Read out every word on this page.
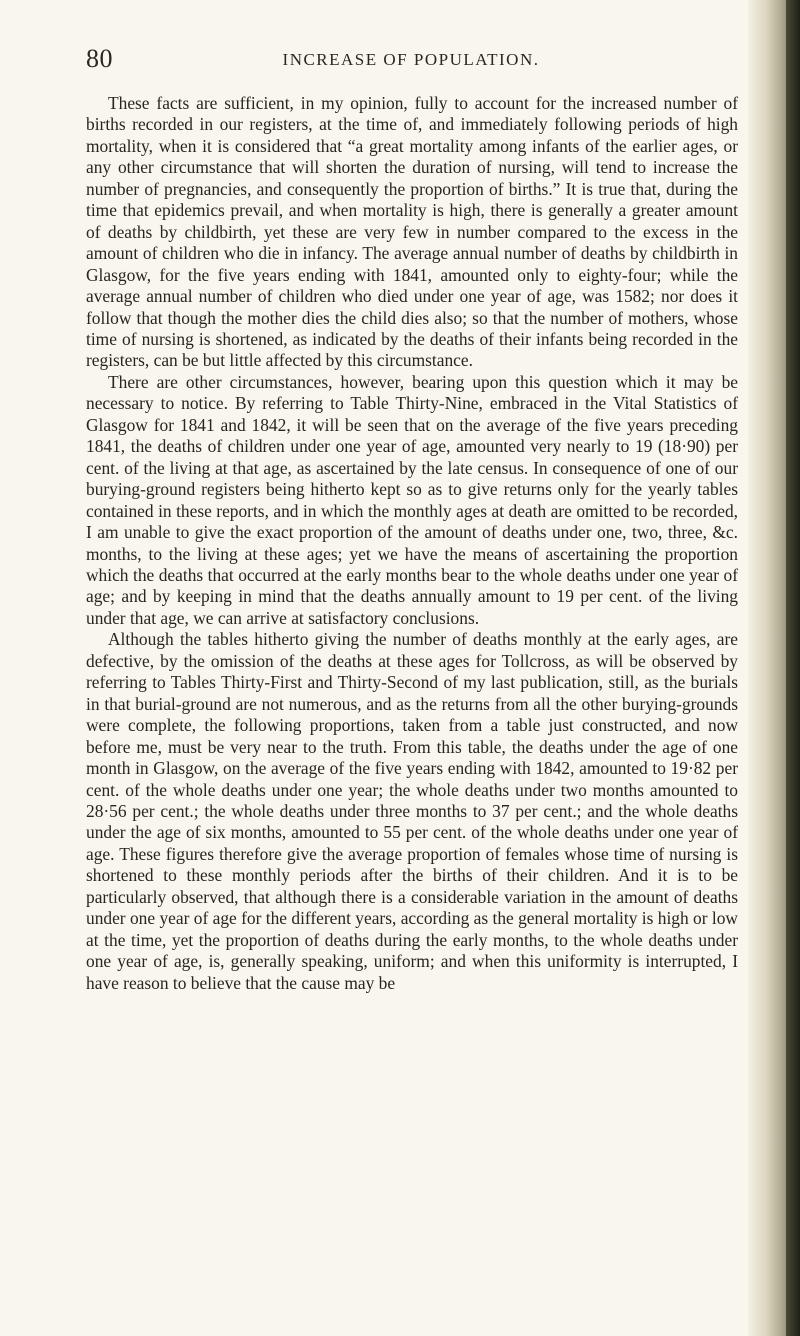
80	INCREASE OF POPULATION.

These facts are sufficient, in my opinion, fully to account for the increased number of births recorded in our registers, at the time of, and immediately following periods of high mortality, when it is considered that “a great mortality among infants of the earlier ages, or any other circumstance that will shorten the duration of nursing, will tend to increase the number of pregnancies, and consequently the proportion of births.” It is true that, during the time that epidemics prevail, and when mortality is high, there is generally a greater amount of deaths by childbirth, yet these are very few in number compared to the excess in the amount of children who die in infancy. The average annual number of deaths by childbirth in Glasgow, for the five years ending with 1841, amounted only to eighty-four; while the average annual number of children who died under one year of age, was 1582; nor does it follow that though the mother dies the child dies also; so that the number of mothers, whose time of nursing is shortened, as indicated by the deaths of their infants being recorded in the registers, can be but little affected by this circumstance.

There are other circumstances, however, bearing upon this question which it may be necessary to notice. By referring to Table Thirty-Nine, embraced in the Vital Statistics of Glasgow for 1841 and 1842, it will be seen that on the average of the five years preceding 1841, the deaths of children under one year of age, amounted very nearly to 19 (18·90) per cent. of the living at that age, as ascertained by the late census. In consequence of one of our burying-ground registers being hitherto kept so as to give returns only for the yearly tables contained in these reports, and in which the monthly ages at death are omitted to be recorded, I am unable to give the exact proportion of the amount of deaths under one, two, three, &c. months, to the living at these ages; yet we have the means of ascertaining the proportion which the deaths that occurred at the early months bear to the whole deaths under one year of age; and by keeping in mind that the deaths annually amount to 19 per cent. of the living under that age, we can arrive at satisfactory conclusions.

Although the tables hitherto giving the number of deaths monthly at the early ages, are defective, by the omission of the deaths at these ages for Tollcross, as will be observed by referring to Tables Thirty-First and Thirty-Second of my last publication, still, as the burials in that burial-ground are not numerous, and as the returns from all the other burying-grounds were complete, the following proportions, taken from a table just constructed, and now before me, must be very near to the truth. From this table, the deaths under the age of one month in Glasgow, on the average of the five years ending with 1842, amounted to 19·82 per cent. of the whole deaths under one year; the whole deaths under two months amounted to 28·56 per cent.; the whole deaths under three months to 37 per cent.; and the whole deaths under the age of six months, amounted to 55 per cent. of the whole deaths under one year of age. These figures therefore give the average proportion of females whose time of nursing is shortened to these monthly periods after the births of their children. And it is to be particularly observed, that although there is a considerable variation in the amount of deaths under one year of age for the different years, according as the general mortality is high or low at the time, yet the proportion of deaths during the early months, to the whole deaths under one year of age, is, generally speaking, uniform; and when this uniformity is interrupted, I have reason to believe that the cause may be
